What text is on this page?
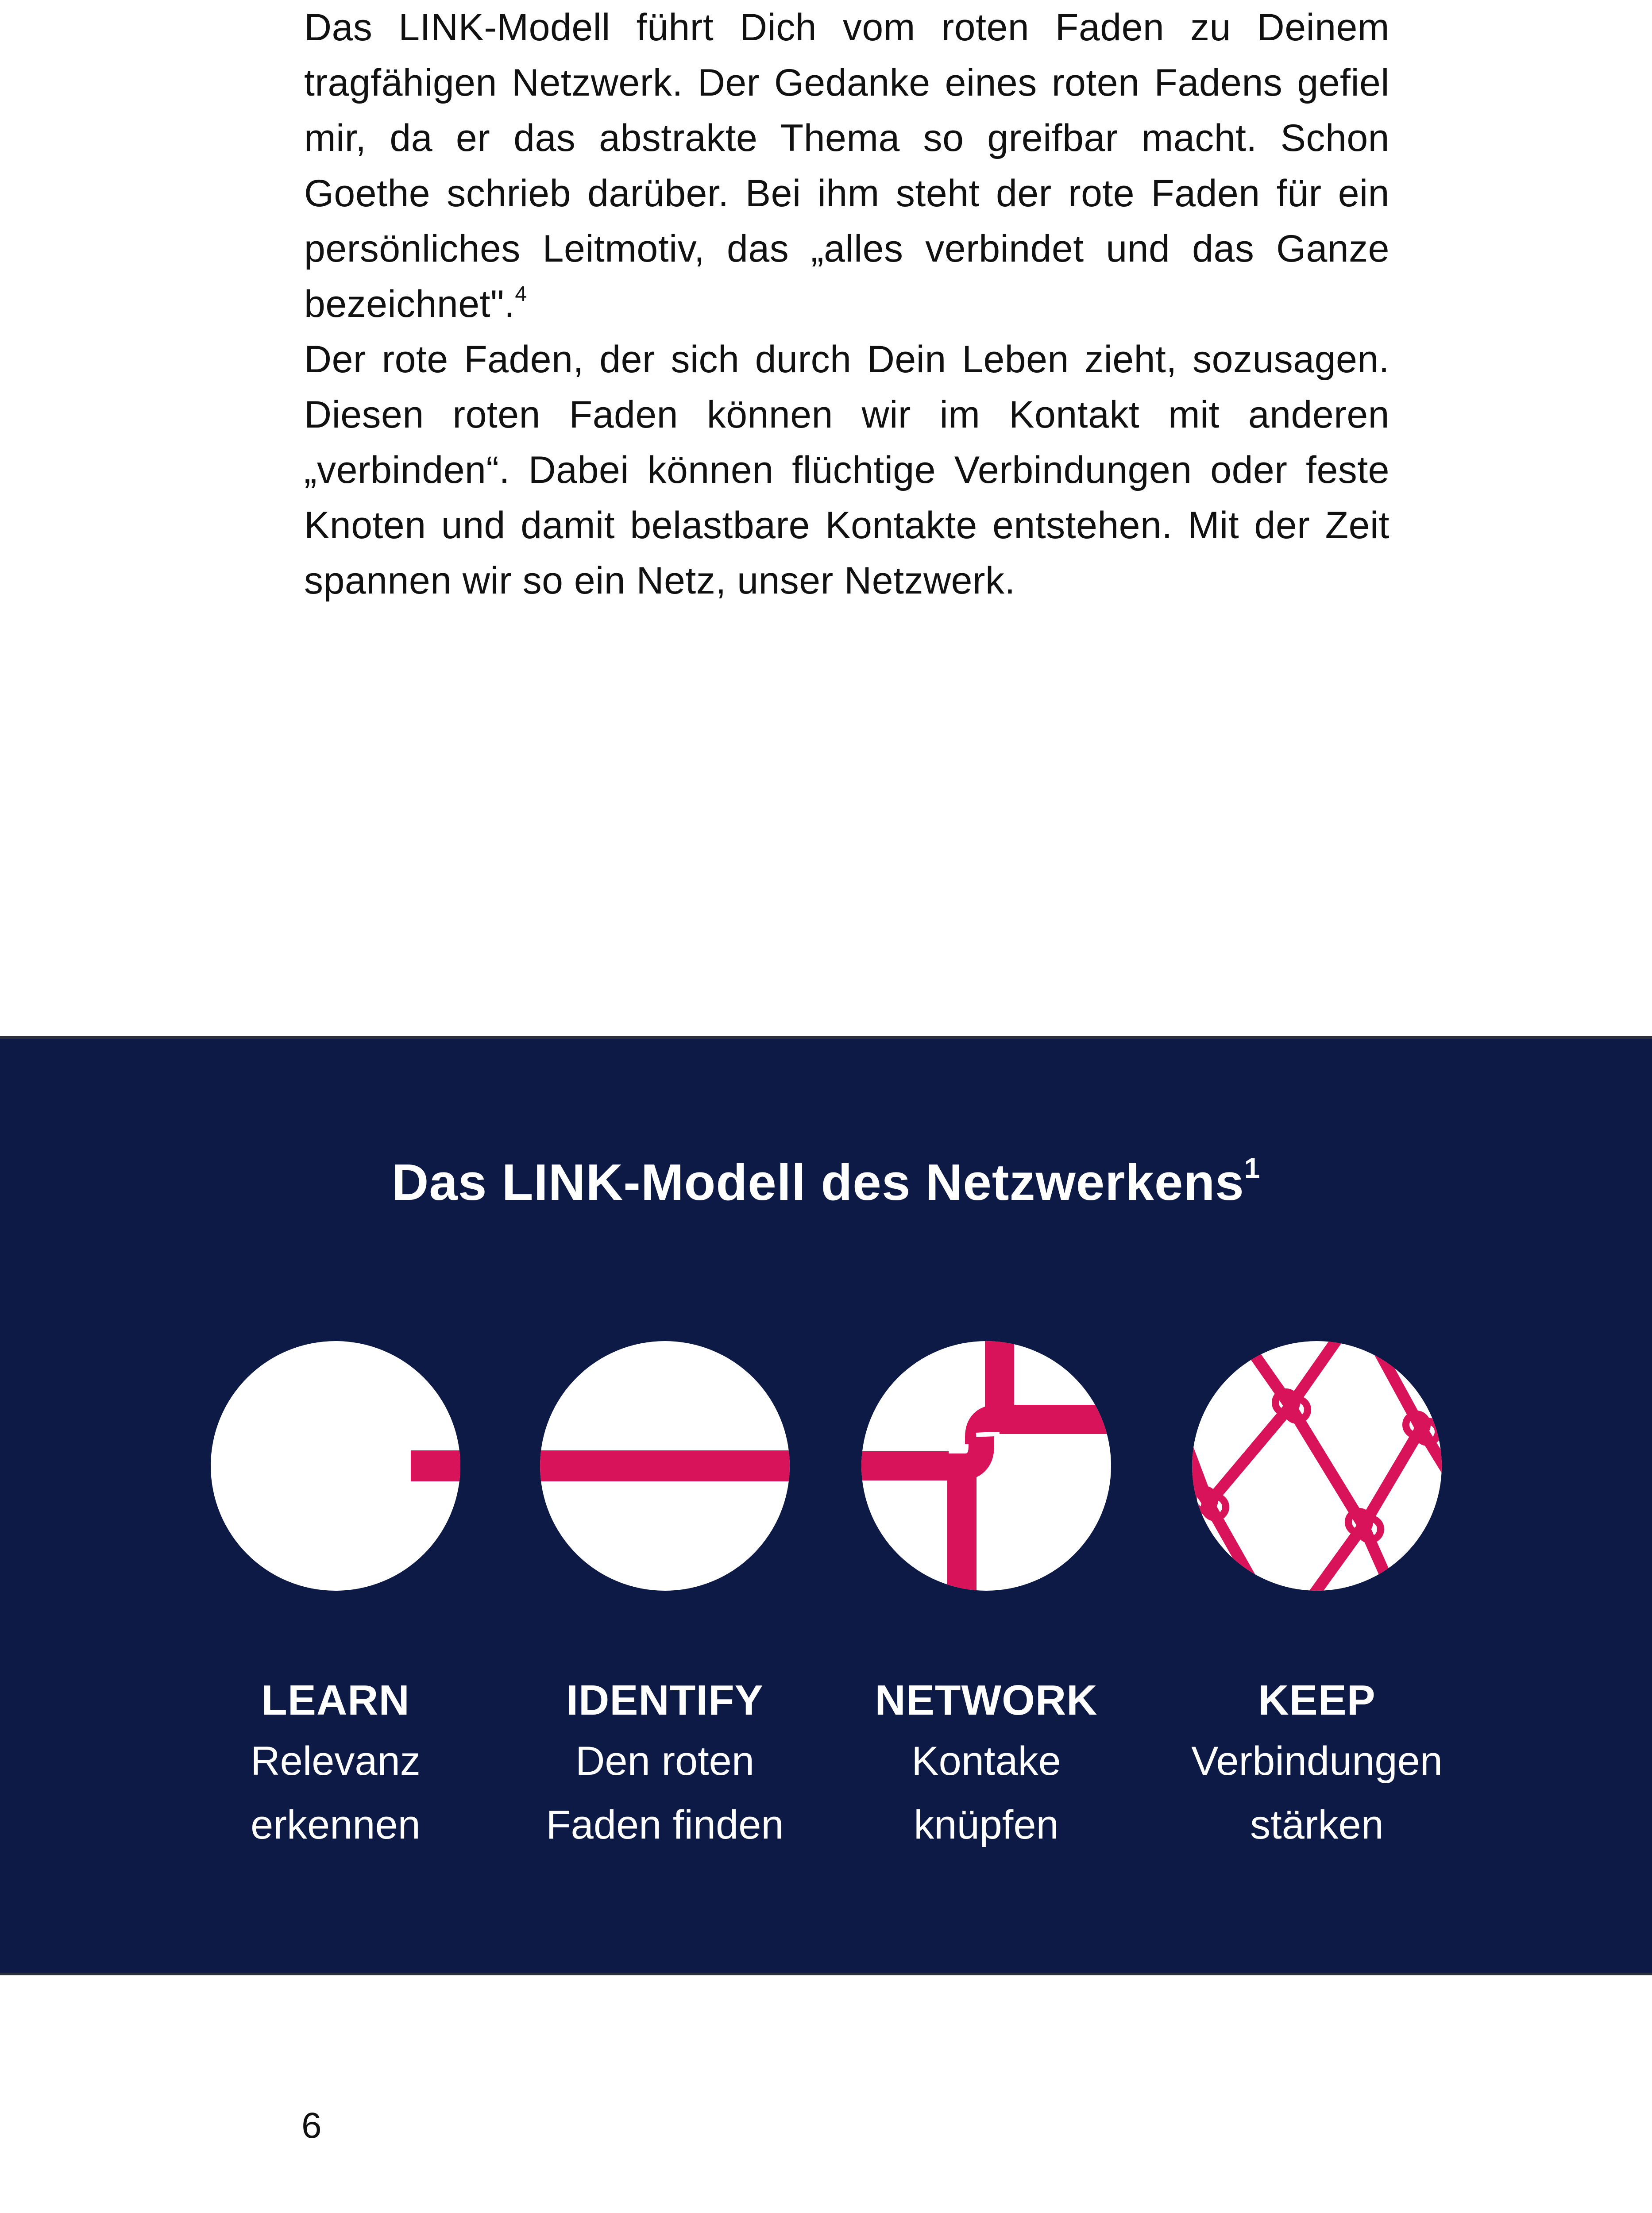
Das LINK-Modell führt Dich vom roten Faden zu Deinem tragfähigen Netzwerk. Der Gedanke eines roten Fadens gefiel mir, da er das abstrakte Thema so greifbar macht. Schon Goethe schrieb darüber. Bei ihm steht der rote Faden für ein persönliches Leitmotiv, das „alles verbindet und das Ganze bezeichnet".$^4$

Der rote Faden, der sich durch Dein Leben zieht, sozusagen. Diesen roten Faden können wir im Kontakt mit anderen „verbinden“. Dabei können flüchtige Verbindungen oder feste Knoten und damit belastbare Kontakte entstehen. Mit der Zeit spannen wir so ein Netz, unser Netzwerk.

Das LINK-Modell des Netzwerkens$^1$
LEARN
Relevanz
erkennen
IDENTIFY
Den roten
Faden finden
NETWORK
Kontake
knüpfen
KEEP
Verbindungen
stärken
6
